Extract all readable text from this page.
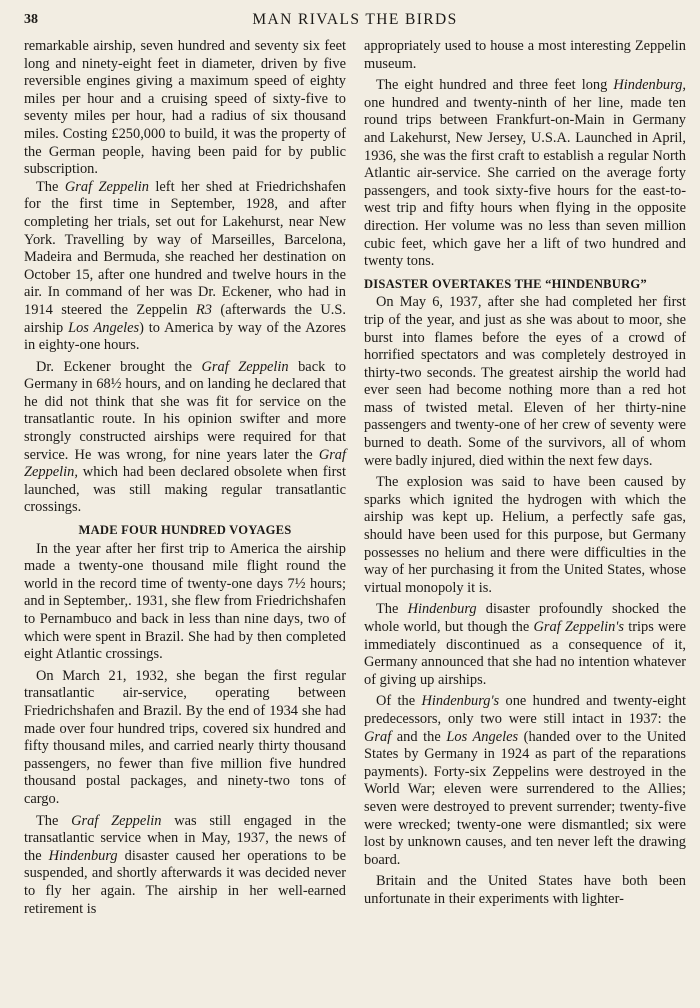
38	MAN RIVALS THE BIRDS

remarkable airship, seven hundred and seventy six feet long and ninety-eight feet in diameter, driven by five reversible engines giving a maximum speed of eighty miles per hour and a cruising speed of sixty-five to seventy miles per hour, had a radius of six thousand miles. Costing £250,000 to build, it was the property of the German people, having been paid for by public subscription.

The Graf Zeppelin left her shed at Friedrichshafen for the first time in September, 1928, and after completing her trials, set out for Lakehurst, near New York. Travelling by way of Marseilles, Barcelona, Madeira and Bermuda, she reached her destination on October 15, after one hundred and twelve hours in the air. In command of her was Dr. Eckener, who had in 1914 steered the Zeppelin R3 (afterwards the U.S. airship Los Angeles) to America by way of the Azores in eighty-one hours.

Dr. Eckener brought the Graf Zeppelin back to Germany in 68½ hours, and on landing he declared that he did not think that she was fit for service on the transatlantic route. In his opinion swifter and more strongly constructed airships were required for that service. He was wrong, for nine years later the Graf Zeppelin, which had been declared obsolete when first launched, was still making regular transatlantic crossings.

MADE FOUR HUNDRED VOYAGES

In the year after her first trip to America the airship made a twenty-one thousand mile flight round the world in the record time of twenty-one days 7½ hours; and in September,. 1931, she flew from Friedrichshafen to Pernambuco and back in less than nine days, two of which were spent in Brazil. She had by then completed eight Atlantic crossings.

On March 21, 1932, she began the first regular transatlantic air-service, operating between Friedrichshafen and Brazil. By the end of 1934 she had made over four hundred trips, covered six hundred and fifty thousand miles, and carried nearly thirty thousand passengers, no fewer than five million five hundred thousand postal packages, and ninety-two tons of cargo.

The Graf Zeppelin was still engaged in the transatlantic service when in May, 1937, the news of the Hindenburg disaster caused her operations to be suspended, and shortly afterwards it was decided never to fly her again. The airship in her well-earned retirement is

appropriately used to house a most interesting Zeppelin museum.

The eight hundred and three feet long Hindenburg, one hundred and twenty-ninth of her line, made ten round trips between Frankfurt-on-Main in Germany and Lakehurst, New Jersey, U.S.A. Launched in April, 1936, she was the first craft to establish a regular North Atlantic air-service. She carried on the average forty passengers, and took sixty-five hours for the east-to-west trip and fifty hours when flying in the opposite direction. Her volume was no less than seven million cubic feet, which gave her a lift of two hundred and twenty tons.

DISASTER OVERTAKES THE “HINDENBURG”

On May 6, 1937, after she had completed her first trip of the year, and just as she was about to moor, she burst into flames before the eyes of a crowd of horrified spectators and was completely destroyed in thirty-two seconds. The greatest airship the world had ever seen had become nothing more than a red hot mass of twisted metal. Eleven of her thirty-nine passengers and twenty-one of her crew of seventy were burned to death. Some of the survivors, all of whom were badly injured, died within the next few days.

The explosion was said to have been caused by sparks which ignited the hydrogen with which the airship was kept up. Helium, a perfectly safe gas, should have been used for this purpose, but Germany possesses no helium and there were difficulties in the way of her purchasing it from the United States, whose virtual monopoly it is.

The Hindenburg disaster profoundly shocked the whole world, but though the Graf Zeppelin's trips were immediately discontinued as a consequence of it, Germany announced that she had no intention whatever of giving up airships.

Of the Hindenburg's one hundred and twenty-eight predecessors, only two were still intact in 1937: the Graf and the Los Angeles (handed over to the United States by Germany in 1924 as part of the reparations payments). Forty-six Zeppelins were destroyed in the World War; eleven were surrendered to the Allies; seven were destroyed to prevent surrender; twenty-five were wrecked; twenty-one were dismantled; six were lost by unknown causes, and ten never left the drawing board.

Britain and the United States have both been unfortunate in their experiments with lighter-
